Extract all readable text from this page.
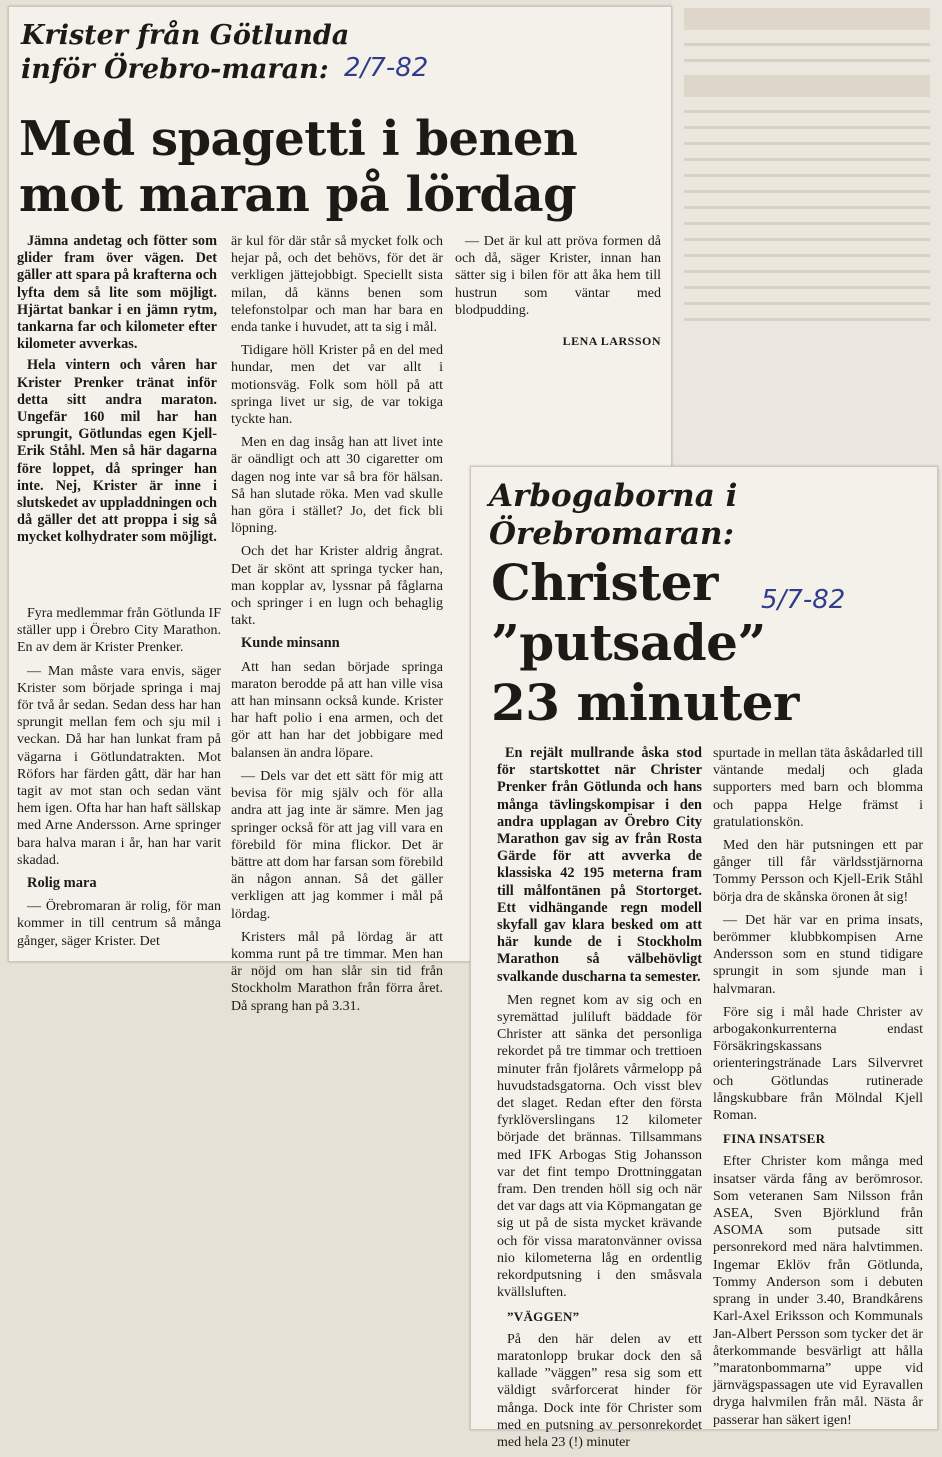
Krister från Götlunda

inför Örebro-maran: 2/7-82

Med spagetti i benen

mot maran på lördag

Jämna andetag och fötter som glider fram över vägen. Det gäller att spara på krafterna och lyfta dem så lite som möjligt. Hjärtat bankar i en jämn rytm, tankarna far och kilometer efter kilometer avverkas.

Hela vintern och våren har Krister Prenker tränat inför detta sitt andra maraton. Ungefär 160 mil har han sprungit, Götlundas egen Kjell-Erik Ståhl. Men så här dagarna före loppet, då springer han inte. Nej, Krister är inne i slutskedet av uppladdningen och då gäller det att proppa i sig så mycket kolhydrater som möjligt.

Fyra medlemmar från Götlunda IF ställer upp i Örebro City Marathon. En av dem är Krister Prenker.

— Man måste vara envis, säger Krister som började springa i maj för två år sedan. Sedan dess har han sprungit mellan fem och sju mil i veckan. Då har han lunkat fram på vägarna i Götlundatrakten. Mot Röfors har färden gått, där har han tagit av mot stan och sedan vänt hem igen. Ofta har han haft sällskap med Arne Andersson. Arne springer bara halva maran i år, han har varit skadad.

Rolig mara

— Örebromaran är rolig, för man kommer in till centrum så många gånger, säger Krister. Det

är kul för där står så mycket folk och hejar på, och det behövs, för det är verkligen jättejobbigt. Speciellt sista milan, då känns benen som telefonstolpar och man har bara en enda tanke i huvudet, att ta sig i mål.

Tidigare höll Krister på en del med hundar, men det var allt i motionsväg. Folk som höll på att springa livet ur sig, de var tokiga tyckte han.

Men en dag insåg han att livet inte är oändligt och att 30 cigaretter om dagen nog inte var så bra för hälsan. Så han slutade röka. Men vad skulle han göra i stället? Jo, det fick bli löpning.

Och det har Krister aldrig ångrat. Det är skönt att springa tycker han, man kopplar av, lyssnar på fåglarna och springer i en lugn och behaglig takt.

Kunde minsann

Att han sedan började springa maraton berodde på att han ville visa att han minsann också kunde. Krister har haft polio i ena armen, och det gör att han har det jobbigare med balansen än andra löpare.

— Dels var det ett sätt för mig att bevisa för mig själv och för alla andra att jag inte är sämre. Men jag springer också för att jag vill vara en förebild för mina flickor. Det är bättre att dom har farsan som förebild än någon annan. Så det gäller verkligen att jag kommer i mål på lördag.

Kristers mål på lördag är att komma runt på tre timmar. Men han är nöjd om han slår sin tid från Stockholm Marathon från förra året. Då sprang han på 3.31.

— Det är kul att pröva formen då och då, säger Krister, innan han sätter sig i bilen för att åka hem till hustrun som väntar med blodpudding.

LENA LARSSON

Arbogaborna i

Örebromaran:

5/7-82

Christer

”putsade”

23 minuter

En rejält mullrande åska stod för startskottet när Christer Prenker från Götlunda och hans många tävlingskompisar i den andra upplagan av Örebro City Marathon gav sig av från Rosta Gärde för att avverka de klassiska 42 195 meterna fram till målfontänen på Stortorget. Ett vidhängande regn modell skyfall gav klara besked om att här kunde de i Stockholm Marathon så välbehövligt svalkande duscharna ta semester.

Men regnet kom av sig och en syremättad juliluft bäddade för Christer att sänka det personliga rekordet på tre timmar och trettioen minuter från fjolårets vårmelopp på huvudstadsgatorna. Och visst blev det slaget. Redan efter den första fyrklöverslingans 12 kilometer började det brännas. Tillsammans med IFK Arbogas Stig Johansson var det fint tempo Drottninggatan fram. Den trenden höll sig och när det var dags att via Köpmangatan ge sig ut på de sista mycket krävande och för vissa maratonvänner ovissa nio kilometerna låg en ordentlig rekordputsning i den småsvala kvällsluften.

”VÄGGEN”

På den här delen av ett maratonlopp brukar dock den så kallade ”väggen” resa sig som ett väldigt svårforcerat hinder för många. Dock inte för Christer som med en putsning av personrekordet med hela 23 (!) minuter

spurtade in mellan täta åskådarled till väntande medalj och glada supporters med barn och blomma och pappa Helge främst i gratulationskön.

Med den här putsningen ett par gånger till får världsstjärnorna Tommy Persson och Kjell-Erik Ståhl börja dra de skånska öronen åt sig!

— Det här var en prima insats, berömmer klubbkompisen Arne Andersson som en stund tidigare sprungit in som sjunde man i halvmaran.

Före sig i mål hade Christer av arbogakonkurrenterna endast Försäkringskassans orienteringstränade Lars Silvervret och Götlundas rutinerade långskubbare från Mölndal Kjell Roman.

FINA INSATSER

Efter Christer kom många med insatser värda fång av berömrosor. Som veteranen Sam Nilsson från ASEA, Sven Björklund från ASOMA som putsade sitt personrekord med nära halvtimmen. Ingemar Eklöv från Götlunda, Tommy Anderson som i debuten sprang in under 3.40, Brandkårens Karl-Axel Eriksson och Kommunals Jan-Albert Persson som tycker det är återkommande besvärligt att hålla ”maratonbommarna” uppe vid järnvägspassagen ute vid Eyravallen drygа halvmilen från mål. Nästa år passerar han säkert igen!
